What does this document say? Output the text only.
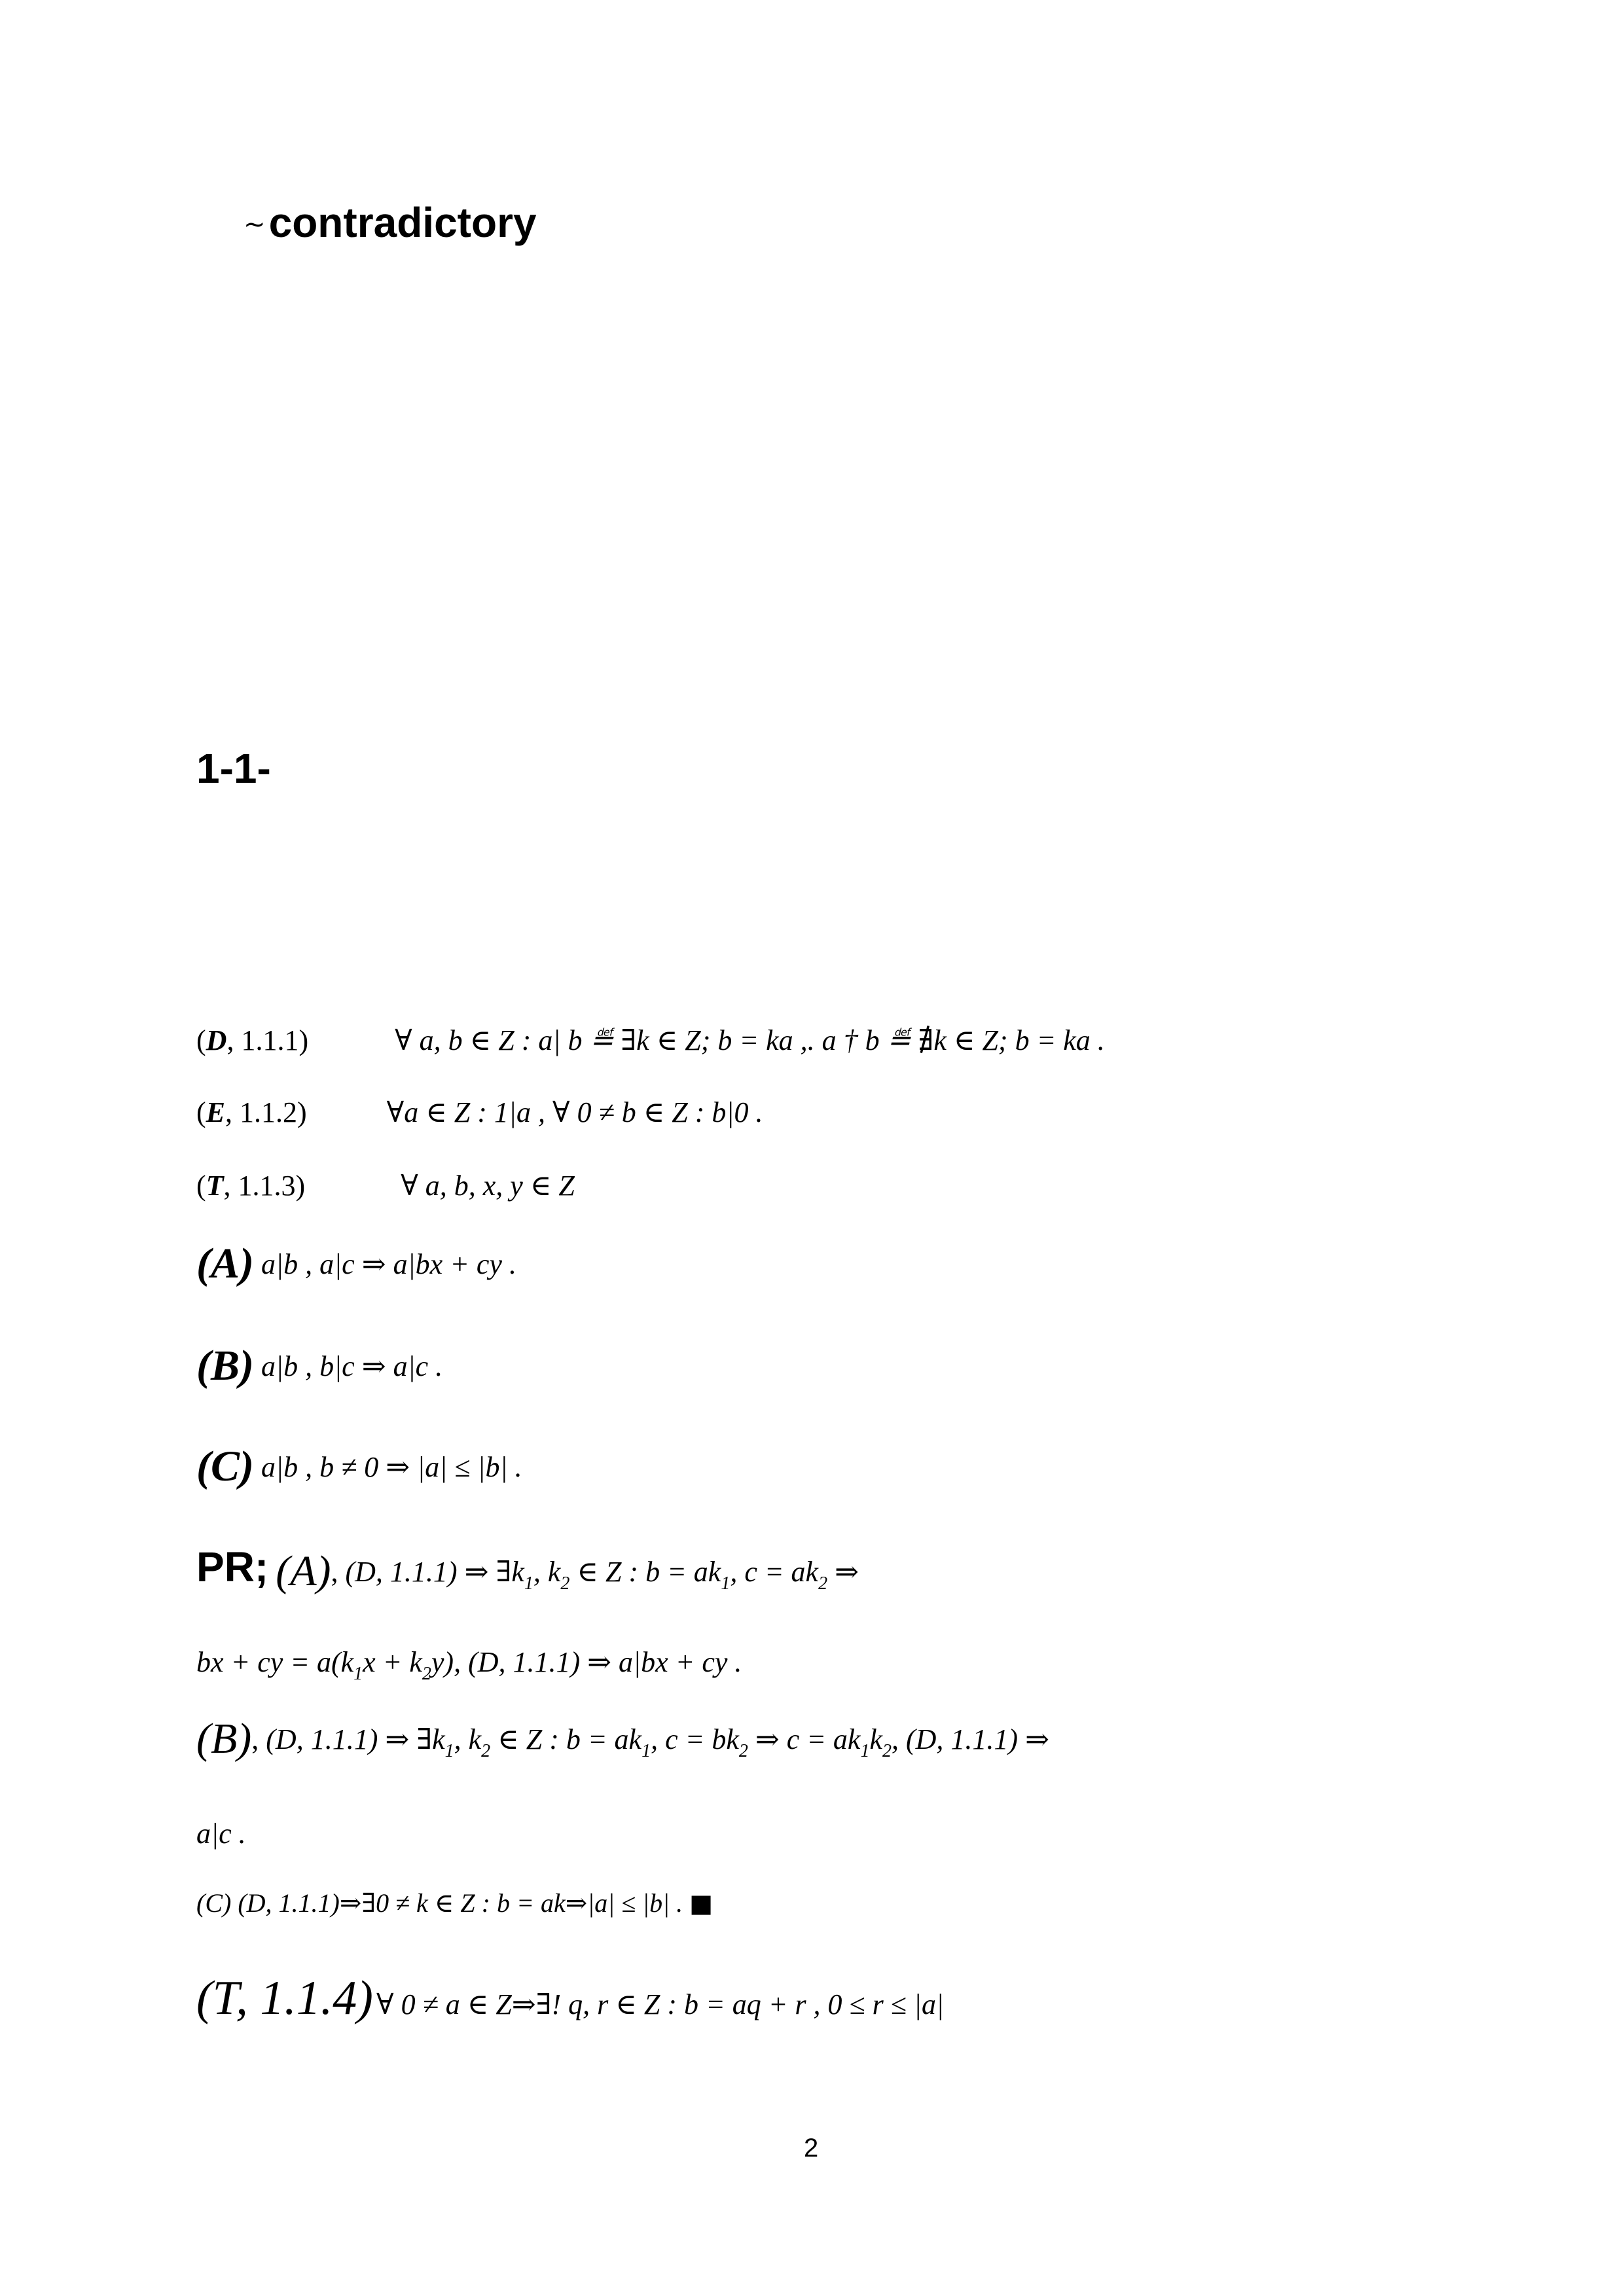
~ contradictory
1-1-
(D, 1.1.1)	∀ a, b ∈ Z : a| b ≝ ∃k ∈ Z; b = ka ,. a † b ≝ ∄k ∈ Z; b = ka .
(E, 1.1.2)	∀a ∈ Z : 1|a , ∀ 0 ≠ b ∈ Z : b|0 .
(T, 1.1.3)	∀ a, b, x, y ∈ Z
(A) a|b , a|c ⇒ a|bx + cy .
(B) a|b , b|c ⇒ a|c .
(C) a|b , b ≠ 0 ⇒ |a| ≤ |b| .
PR; (A), (D, 1.1.1) ⇒ $\exists k_1$, $k_2$ ∈ Z : $b = ak_1$, $c = ak_2$ ⇒
bx + cy = $a(k_1x + k_2y)$, (D, 1.1.1) ⇒ a|bx + cy .
(B), (D, 1.1.1) ⇒ $\exists k_1$, $k_2$ ∈ Z : $b = ak_1$, $c = bk_2$ ⇒ $c = ak_1k_2$, (D, 1.1.1) ⇒
a|c .
(C) (D, 1.1.1)⇒∃0 ≠ k ∈ Z : b = ak⇒|a| ≤ |b| . ■
(T, 1.1.4) ∀ 0 ≠ a ∈ Z⇒∃! q, r ∈ Z : b = aq + r , 0 ≤ r ≤ |a|
2
